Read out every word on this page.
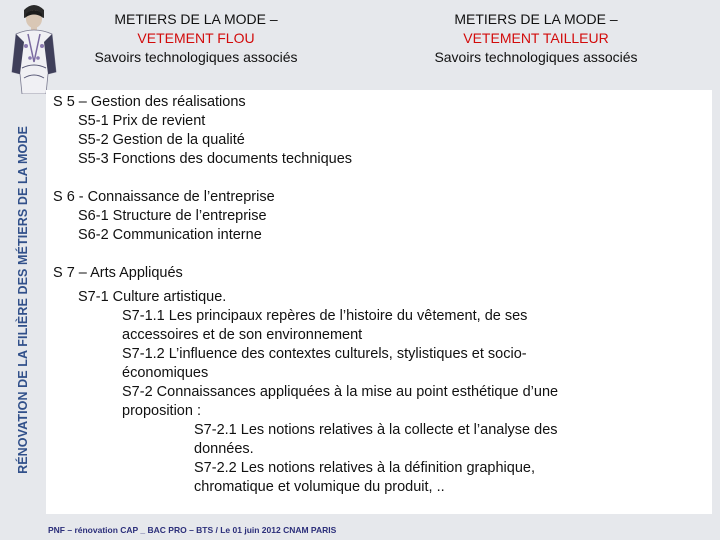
RÉNOVATION DE LA FILIÈRE DES MÉTIERS DE LA MODE
METIERS DE LA MODE –
VETEMENT FLOU
Savoirs technologiques associés
METIERS DE LA MODE –
VETEMENT TAILLEUR
Savoirs technologiques associés
S 5 – Gestion des réalisations
S5-1 Prix de revient
S5-2 Gestion de la qualité
S5-3 Fonctions des documents techniques
S 6 - Connaissance de l’entreprise
S6-1 Structure de l’entreprise
S6-2 Communication interne
S 7 – Arts Appliqués
S7-1 Culture artistique.
S7-1.1 Les principaux repères de l’histoire du vêtement, de ses
accessoires et de son environnement
S7-1.2 L’influence des contextes culturels, stylistiques et socio-
économiques
S7-2 Connaissances appliquées à la mise au point esthétique d’une
proposition :
S7-2.1 Les notions relatives à la collecte et l’analyse des
données.
S7-2.2 Les notions relatives à la définition graphique,
chromatique et volumique du produit, ..
PNF – rénovation CAP _ BAC PRO – BTS / Le 01 juin 2012 CNAM PARIS
